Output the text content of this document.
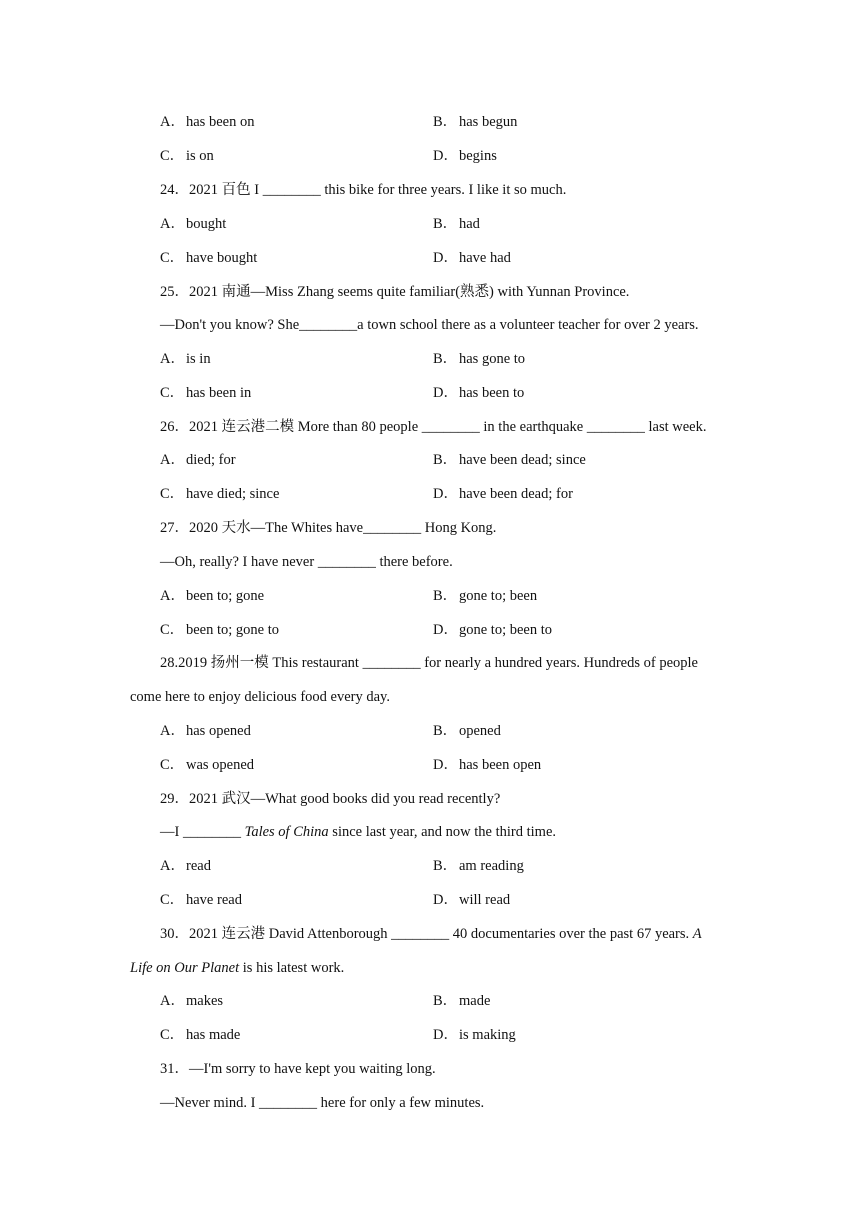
A．has been on	B． has begun
C． is on	D．begins
24．2021 百色 I ________ this bike for three years. I like it so much.
A．bought	B． had
C． have bought	D．have had
25．2021 南通—Miss Zhang seems quite familiar(熟悉) with Yunnan Province.
—Don't you know? She________a town school there as a volunteer teacher for over 2 years.
A．is in	B． has gone to
C． has been in	D．has been to
26．2021 连云港二模 More than 80 people ________ in the earthquake ________ last week.
A．died; for	B． have been dead; since
C． have died; since	D．have been dead; for
27．2020 天水—The Whites have________ Hong Kong.
—Oh, really? I have never ________ there before.
A．been to; gone	B． gone to; been
C． been to; gone to	D．gone to; been to
28.2019 扬州一模 This restaurant ________ for nearly a hundred years. Hundreds of people
come here to enjoy delicious food every day.
A．has opened	B． opened
C． was opened	D．has been open
29．2021 武汉—What good books did you read recently?
—I ________ Tales of China since last year, and now the third time.
A．read	B． am reading
C． have read	D．will read
30．2021 连云港 David Attenborough ________ 40 documentaries over the past 67 years. A
Life on Our Planet is his latest work.
A．makes	B． made
C． has made	D．is making
31．—I'm sorry to have kept you waiting long.
—Never mind. I ________ here for only a few minutes.
